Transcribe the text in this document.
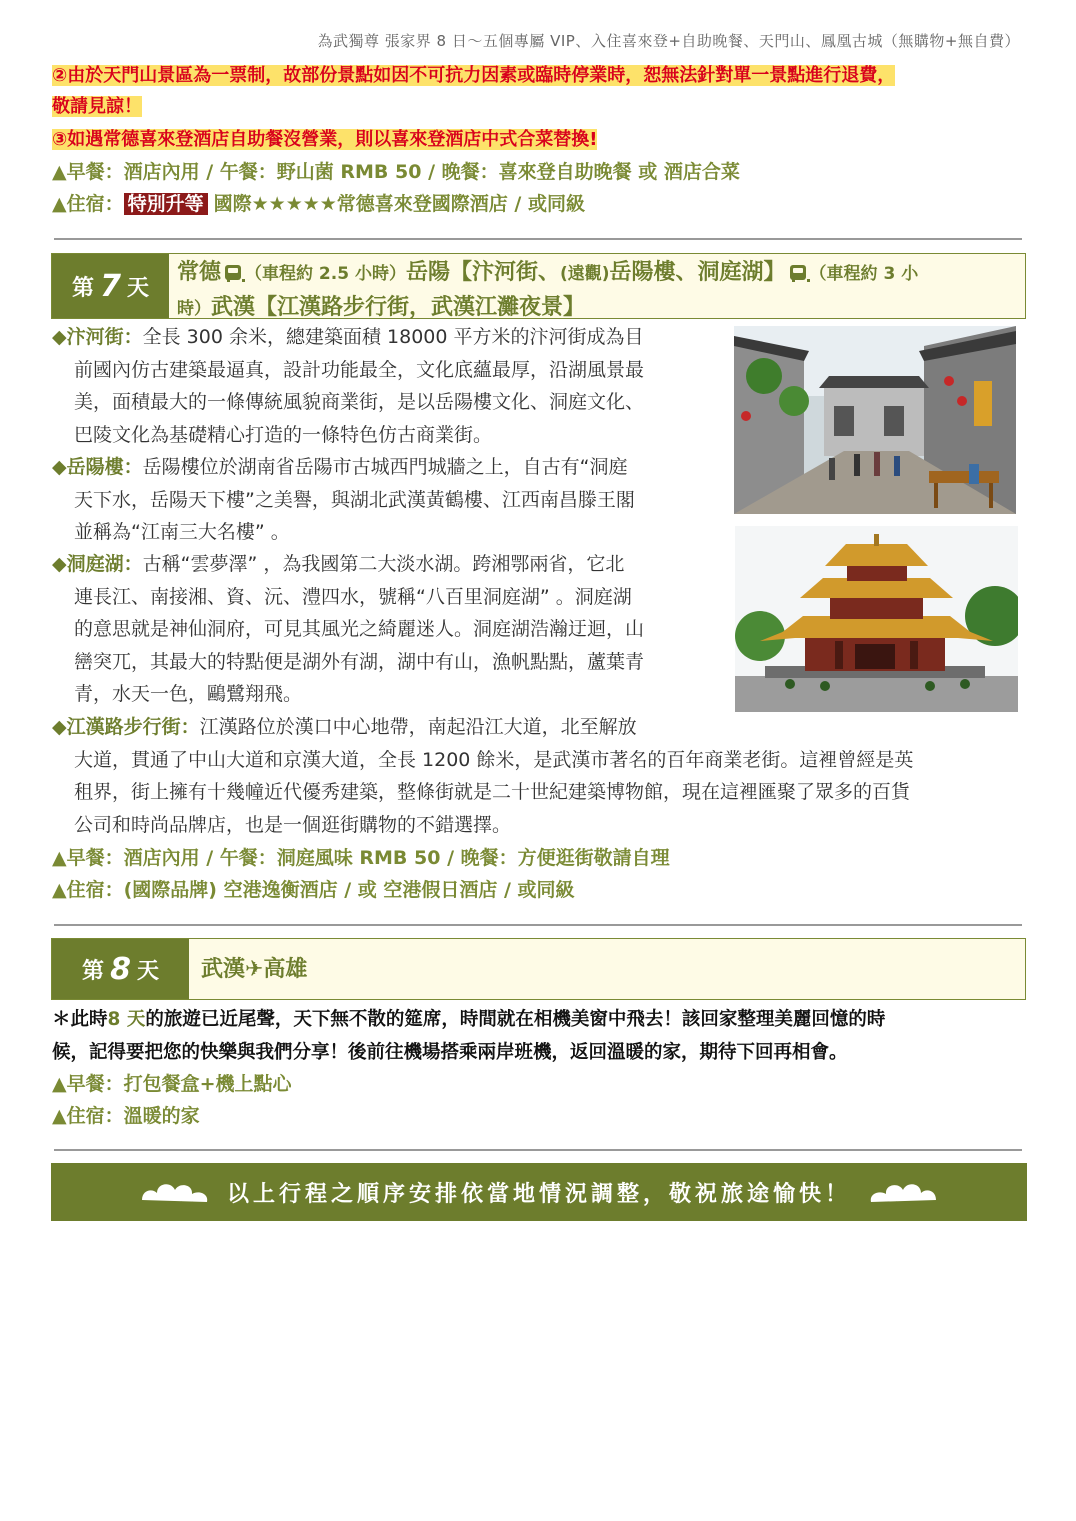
為武獨尊 張家界 8 日～五個專屬 VIP、入住喜來登+自助晚餐、天門山、鳳凰古城（無購物+無自費）
②由於天門山景區為一票制，故部份景點如因不可抗力因素或臨時停業時，恕無法針對單一景點進行退費，
敬請見諒！
③如遇常德喜來登酒店自助餐沒營業，則以喜來登酒店中式合菜替換!
▲早餐：酒店內用 / 午餐：野山菌 RMB 50 / 晚餐：喜來登自助晚餐 或 酒店合菜
▲住宿： 特別升等 國際★★★★★常德喜來登國際酒店 / 或同級
第 7 天
常德 （車程約 2.5 小時）岳陽【汴河街、(遠觀)岳陽樓、洞庭湖】 （車程約 3 小
時）武漢【江漢路步行街，武漢江灘夜景】
◆汴河街：全長 300 余米，總建築面積 18000 平方米的汴河街成為目
前國內仿古建築最逼真，設計功能最全，文化底蘊最厚，沿湖風景最
美，面積最大的一條傳統風貌商業街，是以岳陽樓文化、洞庭文化、
巴陵文化為基礎精心打造的一條特色仿古商業街。
◆岳陽樓：岳陽樓位於湖南省岳陽市古城西門城牆之上，自古有“洞庭
天下水，岳陽天下樓”之美譽，與湖北武漢黃鶴樓、江西南昌滕王閣
並稱為“江南三大名樓” 。
◆洞庭湖：古稱“雲夢澤” ，為我國第二大淡水湖。跨湘鄂兩省，它北
連長江、南接湘、資、沅、澧四水，號稱“八百里洞庭湖” 。洞庭湖
的意思就是神仙洞府，可見其風光之綺麗迷人。洞庭湖浩瀚迂迴，山
巒突兀，其最大的特點便是湖外有湖，湖中有山，漁帆點點，蘆葉青
青，水天一色，鷗鷺翔飛。
◆江漢路步行街：江漢路位於漢口中心地帶，南起沿江大道，北至解放
大道，貫通了中山大道和京漢大道，全長 1200 餘米，是武漢市著名的百年商業老街。這裡曾經是英
租界，街上擁有十幾幢近代優秀建築，整條街就是二十世紀建築博物館，現在這裡匯聚了眾多的百貨
公司和時尚品牌店，也是一個逛街購物的不錯選擇。
▲早餐：酒店內用 / 午餐：洞庭風味 RMB 50 / 晚餐：方便逛街敬請自理
▲住宿：(國際品牌) 空港逸衡酒店 / 或 空港假日酒店 / 或同級
第 8 天 武漢✈高雄
＊此時8 天的旅遊已近尾聲，天下無不散的筵席，時間就在相機美窗中飛去！該回家整理美麗回憶的時
候，記得要把您的快樂與我們分享！後前往機場搭乘兩岸班機，返回溫暖的家，期待下回再相會。
▲早餐：打包餐盒+機上點心
▲住宿：溫暖的家
以上行程之順序安排依當地情況調整，敬祝旅途愉快！
